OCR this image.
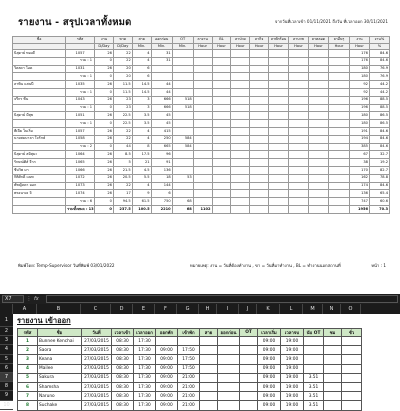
รายงาน - สรุปเวลาทั้งหมด	จากวันที่เวลาเข้า 01/11/2021 ถึงวัน ที่เวลาออก 30/11/2021
ชื่อ	รหัส	งาน	ขาด	สาย	ออกก่อน	OT	ลางาน	BL	ลาป่วย	ลากิจ	ลาพักร้อน	ลาบวช	ลาคลอด	ลาอื่นๆ	งาน	งาน%
		D/Day	D/Day	Min.	Min.	Min.	Hour	Hour	Hour	Hour	Hour	Hour	Hour	Hour	Hour	%
นิสุดาย์ ทองดี	1057	26	22	4	31										176	84.6
	รวม : 1	0	22	4	31										176	84.6
วิลลดา โอด	1031	26	20	6											180	76.9
	รวม : 1	0	20	6											180	76.9
ลาพิน แสนปี	1035	26	11.5	14.5	44										92	44.2
	รวม : 1	0	11.5	14.5	44										92	44.2
จรีกร ชื่น	1043	26	23	3	666	518									196	88.5
	รวม : 1	0	23	3	666	518									196	88.5
นิสุดาย์ มีสุข	1051	26	22.5	3.5	45										180	86.5
	รวม : 1	0	22.5	3.5	45										180	86.5
พีเปีย ในเริ่ม	1057	26	22	4	415										191	84.6
นายสมบาลา ใจรักษ์	1058	26	22	4	250	584									194	84.6
	รวม : 2	0	44	8	665	584									385	84.6
นิสุดาย์ สมิสุมะ	1064	26	8.5	17.5	96										67	32.7
รักษณ์ศิส์ จีาก	1065	26	5	21	91										38	19.2
ชีปวัพ มา	1066	26	21.5	4.5	136										170	82.7
กิติศักดิ์ แนท	1072	26	20.5	5.5	18	53									162	78.8
พัชญิลดา มอก	1073	26	22	4	144										174	84.6
พรอนาเธ จิ	1074	26	17	9	6										136	65.4
	รวม : 6	0	94.5	61.5	750	68									747	60.6
	รวมทั้งหมด : 13	0	237.5	100.5	2210	68	1102								1956	70.3
พิมพ์โดย: Temp-Supervisor วันที่พิมพ์ 03/01/2022	หมายเหตุ: งาน = วันที่ต้องทำงาน , ขา = วันที่มาทำงาน , BL = ทำงานนอกสถานที่	หน้า : 1
X7	⋮ fx
A	B	C	D	E	F	G	H	I	J	K	L	M	N	O
1
2
3
4
5
6
7
8
9
10
รายงาน เข้าออก
รหัส	ชื่อ	วันที่	เวลาเข้า	เวลาออก	ออกพัก	เข้าพัก	สาย	ออกก่อน	OT	เวลาเริ่ม	เวลาจบ	นับ OT	ชม	ชั่ว
1	Bunnee Kenchai	27/03/2015	08:30	17:30						09:00	19:00			
2	Saora	27/03/2015	08:30	17:30	09:00	17:50				09:00	19:00			
3	Keana	27/03/2015	08:30	17:30	09:00	17:50				09:00	19:00			
4	Mailee	27/03/2015	08:30	17:30	09:00	17:50				09:00	19:00			
5	Sakura	27/03/2015	08:30	17:30	09:00	21:00				09:00	19:00	3.51		
6	Shamsha	27/03/2015	08:30	17:30	09:00	21:00				09:00	19:00	3.51		
7	Naruno	27/03/2015	08:30	17:30	09:00	21:00				09:00	19:00	3.51		
8	Suchake	27/03/2015	08:30	17:30	09:00	21:00				09:00	19:00	3.51		
